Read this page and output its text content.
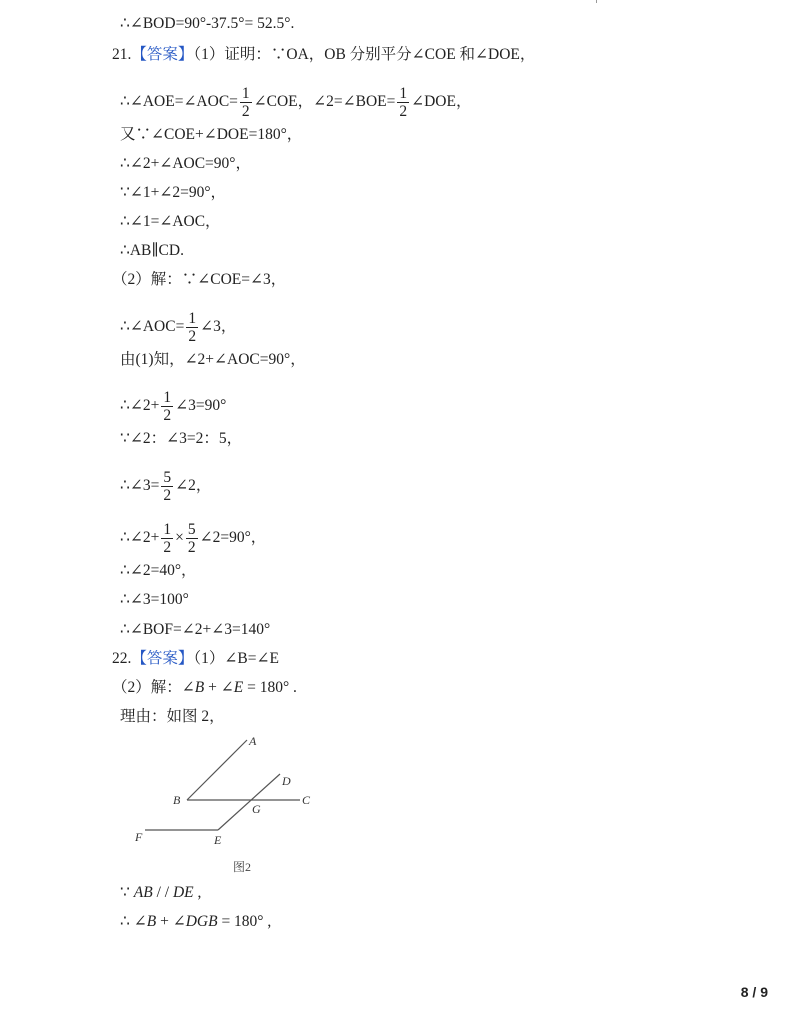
∴∠BOD=90°-37.5°= 52.5°.
21.【答案】（1）证明：∵OA，OB 分别平分∠COE 和∠DOE，
∴∠AOE=∠AOC= $\frac{1}{2}$ ∠COE，∠2=∠BOE= $\frac{1}{2}$ ∠DOE，
又∵∠COE+∠DOE=180°，
∴∠2+∠AOC=90°，
∵∠1+∠2=90°，
∴∠1=∠AOC，
∴AB∥CD.
（2）解：∵∠COE=∠3，
∴∠AOC= $\frac{1}{2}$ ∠3，
由(1)知，∠2+∠AOC=90°，
∴∠2+ $\frac{1}{2}$ ∠3=90°
∵∠2：∠3=2：5，
∴∠3= $\frac{5}{2}$ ∠2，
∴∠2+ $\frac{1}{2} \times \frac{5}{2}$ ∠2=90°，
∴∠2=40°，
∴∠3=100°
∴∠BOF=∠2+∠3=140°
22.【答案】（1）∠B=∠E
（2）解：∠B + ∠E = 180° .
理由：如图 2，
A
B	C
D
E
F
G
图2
∵ AB / / DE ,
∴ ∠B + ∠DGB = 180° ,
8 / 9
